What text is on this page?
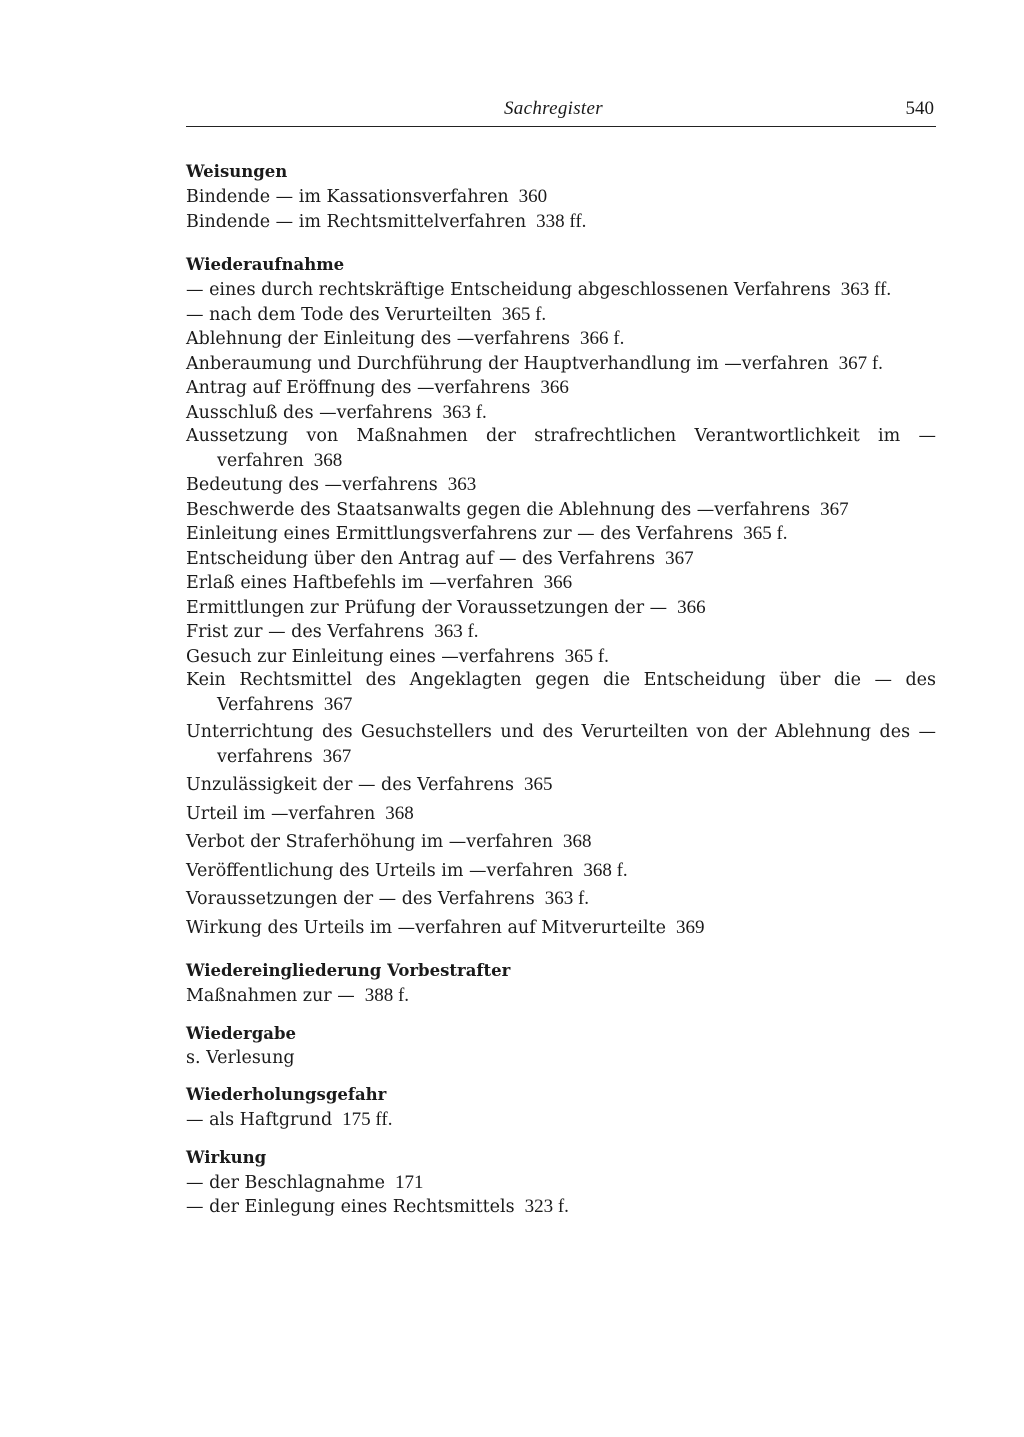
Sachregister	540

Weisungen

Bindende — im Kassationsverfahren 360

Bindende — im Rechtsmittelverfahren 338 ff.

Wiederaufnahme

— eines durch rechtskräftige Entscheidung abgeschlossenen Verfahrens 363 ff.

— nach dem Tode des Verurteilten 365 f.

Ablehnung der Einleitung des —verfahrens 366 f.

Anberaumung und Durchführung der Hauptverhandlung im —verfahren 367 f.

Antrag auf Eröffnung des —verfahrens 366

Ausschluß des —verfahrens 363 f.

Aussetzung von Maßnahmen der strafrechtlichen Verantwortlichkeit im —verfahren 368

Bedeutung des —verfahrens 363

Beschwerde des Staatsanwalts gegen die Ablehnung des —verfahrens 367

Einleitung eines Ermittlungsverfahrens zur — des Verfahrens 365 f.

Entscheidung über den Antrag auf — des Verfahrens 367

Erlaß eines Haftbefehls im —verfahren 366

Ermittlungen zur Prüfung der Voraussetzungen der — 366

Frist zur — des Verfahrens 363 f.

Gesuch zur Einleitung eines —verfahrens 365 f.

Kein Rechtsmittel des Angeklagten gegen die Entscheidung über die — des Verfahrens 367

Unterrichtung des Gesuchstellers und des Verurteilten von der Ablehnung des —verfahrens 367

Unzulässigkeit der — des Verfahrens 365

Urteil im —verfahren 368

Verbot der Straferhöhung im —verfahren 368

Veröffentlichung des Urteils im —verfahren 368 f.

Voraussetzungen der — des Verfahrens 363 f.

Wirkung des Urteils im —verfahren auf Mitverurteilte 369

Wiedereingliederung Vorbestrafter

Maßnahmen zur — 388 f.

Wiedergabe

s. Verlesung

Wiederholungsgefahr

— als Haftgrund 175 ff.

Wirkung

— der Beschlagnahme 171

— der Einlegung eines Rechtsmittels 323 f.
